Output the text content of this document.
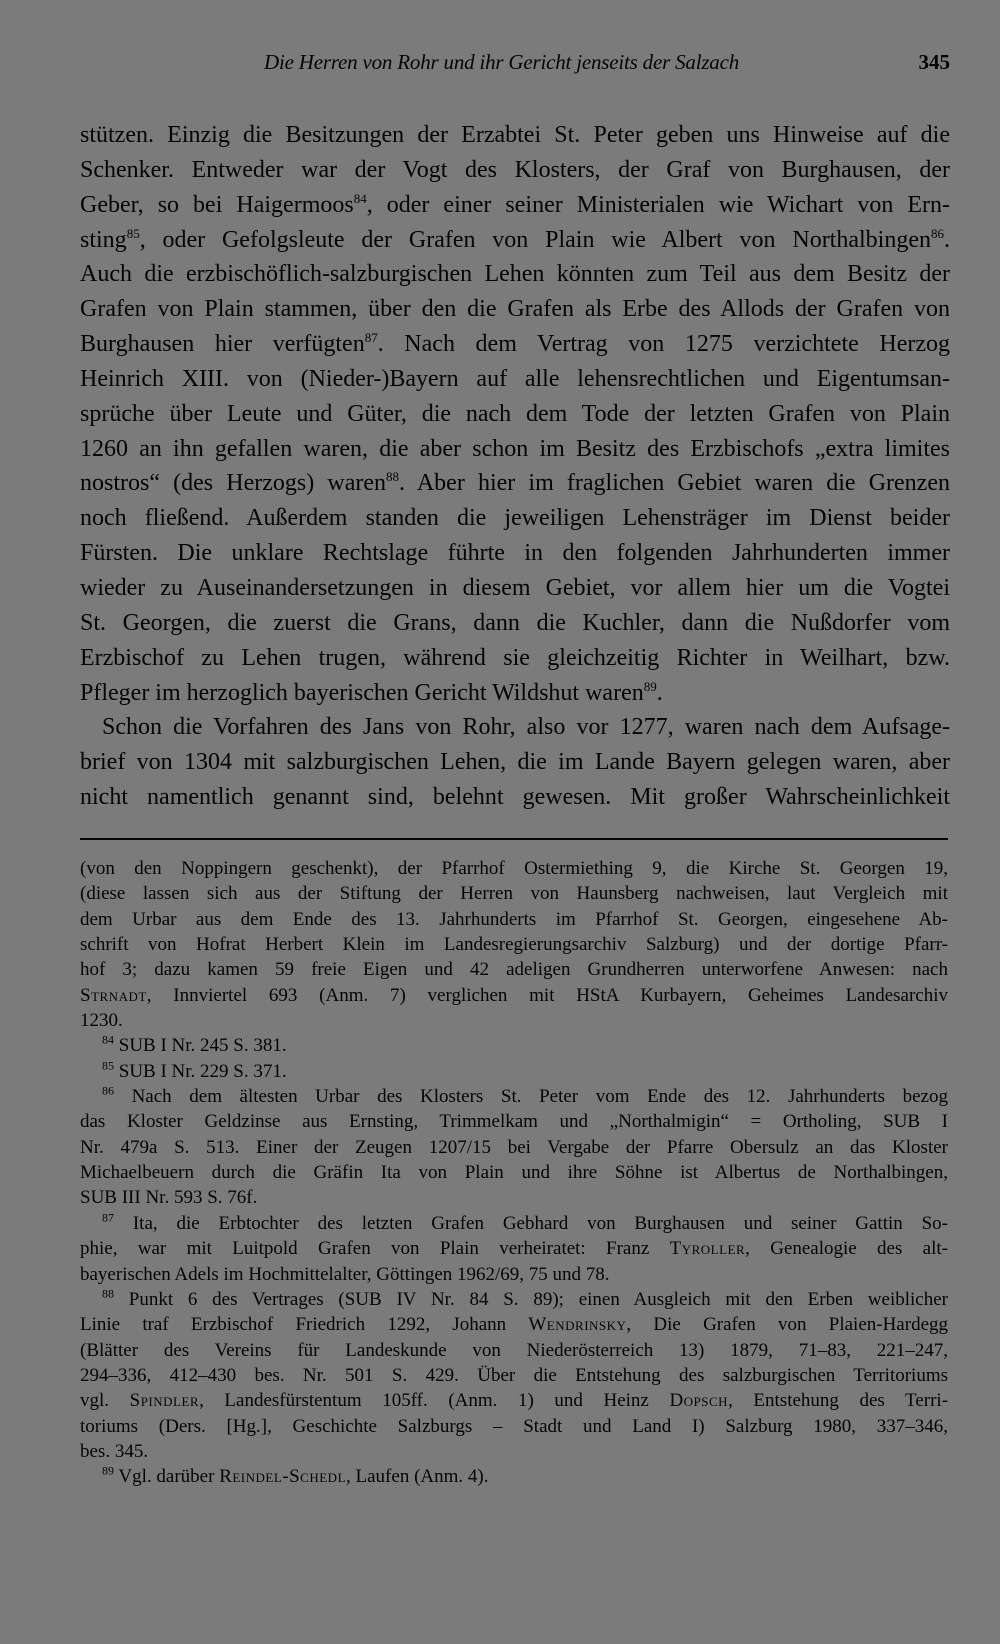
Die Herren von Rohr und ihr Gericht jenseits der Salzach	345
stützen. Einzig die Besitzungen der Erzabtei St. Peter geben uns Hinweise auf die
Schenker. Entweder war der Vogt des Klosters, der Graf von Burghausen, der
Geber, so bei Haigermoos$^{84}$, oder einer seiner Ministerialen wie Wichart von Ern-
sting$^{85}$, oder Gefolgsleute der Grafen von Plain wie Albert von Northalbingen$^{86}$.
Auch die erzbischöflich-salzburgischen Lehen könnten zum Teil aus dem Besitz der
Grafen von Plain stammen, über den die Grafen als Erbe des Allods der Grafen von
Burghausen hier verfügten$^{87}$. Nach dem Vertrag von 1275 verzichtete Herzog
Heinrich XIII. von (Nieder-)Bayern auf alle lehensrechtlichen und Eigentumsan-
sprüche über Leute und Güter, die nach dem Tode der letzten Grafen von Plain
1260 an ihn gefallen waren, die aber schon im Besitz des Erzbischofs „extra limites
nostros“ (des Herzogs) waren$^{88}$. Aber hier im fraglichen Gebiet waren die Grenzen
noch fließend. Außerdem standen die jeweiligen Lehensträger im Dienst beider
Fürsten. Die unklare Rechtslage führte in den folgenden Jahrhunderten immer
wieder zu Auseinandersetzungen in diesem Gebiet, vor allem hier um die Vogtei
St. Georgen, die zuerst die Grans, dann die Kuchler, dann die Nußdorfer vom
Erzbischof zu Lehen trugen, während sie gleichzeitig Richter in Weilhart, bzw.
Pfleger im herzoglich bayerischen Gericht Wildshut waren$^{89}$.
Schon die Vorfahren des Jans von Rohr, also vor 1277, waren nach dem Aufsage-
brief von 1304 mit salzburgischen Lehen, die im Lande Bayern gelegen waren, aber
nicht namentlich genannt sind, belehnt gewesen. Mit großer Wahrscheinlichkeit
(von den Noppingern geschenkt), der Pfarrhof Ostermiething 9, die Kirche St. Georgen 19,
(diese lassen sich aus der Stiftung der Herren von Haunsberg nachweisen, laut Vergleich mit
dem Urbar aus dem Ende des 13. Jahrhunderts im Pfarrhof St. Georgen, eingesehene Ab-
schrift von Hofrat Herbert Klein im Landesregierungsarchiv Salzburg) und der dortige Pfarr-
hof 3; dazu kamen 59 freie Eigen und 42 adeligen Grundherren unterworfene Anwesen: nach
Strnadt, Innviertel 693 (Anm. 7) verglichen mit HStA Kurbayern, Geheimes Landesarchiv
1230.
$^{84}$ SUB I Nr. 245 S. 381.
$^{85}$ SUB I Nr. 229 S. 371.
$^{86}$ Nach dem ältesten Urbar des Klosters St. Peter vom Ende des 12. Jahrhunderts bezog
das Kloster Geldzinse aus Ernsting, Trimmelkam und „Northalmigin“ = Ortholing, SUB I
Nr. 479a S. 513. Einer der Zeugen 1207/15 bei Vergabe der Pfarre Obersulz an das Kloster
Michaelbeuern durch die Gräfin Ita von Plain und ihre Söhne ist Albertus de Northalbingen,
SUB III Nr. 593 S. 76f.
$^{87}$ Ita, die Erbtochter des letzten Grafen Gebhard von Burghausen und seiner Gattin So-
phie, war mit Luitpold Grafen von Plain verheiratet: Franz Tyroller, Genealogie des alt-
bayerischen Adels im Hochmittelalter, Göttingen 1962/69, 75 und 78.
$^{88}$ Punkt 6 des Vertrages (SUB IV Nr. 84 S. 89); einen Ausgleich mit den Erben weiblicher
Linie traf Erzbischof Friedrich 1292, Johann Wendrinsky, Die Grafen von Plaien-Hardegg
(Blätter des Vereins für Landeskunde von Niederösterreich 13) 1879, 71–83, 221–247,
294–336, 412–430 bes. Nr. 501 S. 429. Über die Entstehung des salzburgischen Territoriums
vgl. Spindler, Landesfürstentum 105ff. (Anm. 1) und Heinz Dopsch, Entstehung des Terri-
toriums (Ders. [Hg.], Geschichte Salzburgs – Stadt und Land I) Salzburg 1980, 337–346,
bes. 345.
$^{89}$ Vgl. darüber Reindel-Schedl, Laufen (Anm. 4).
